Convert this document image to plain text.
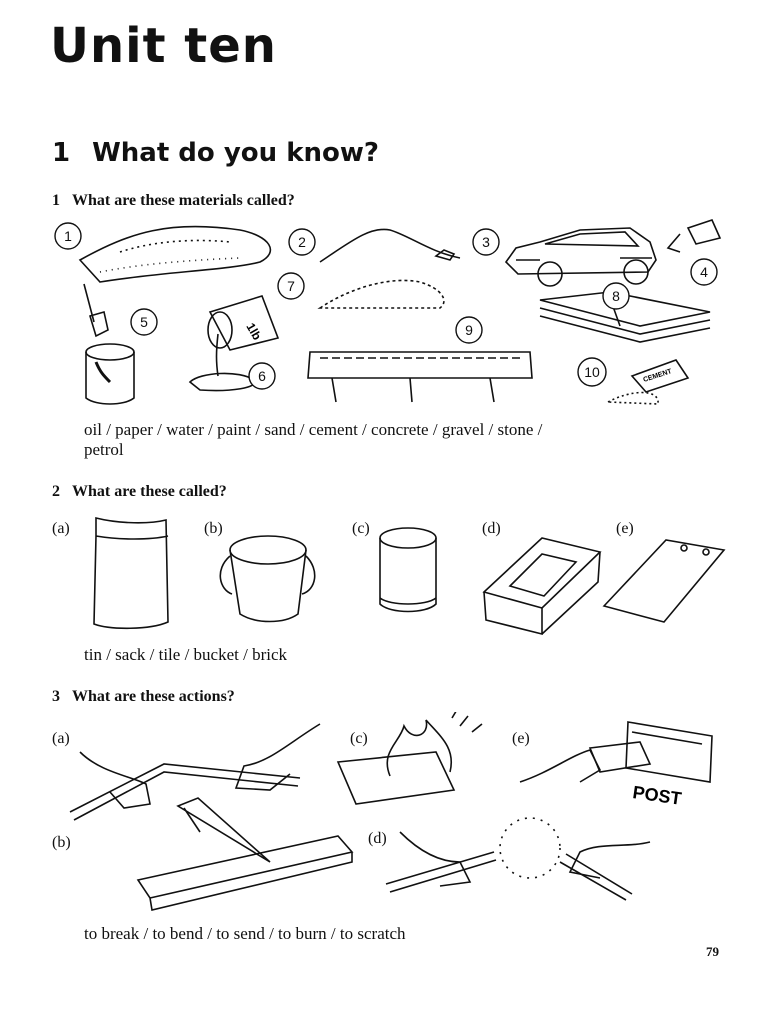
Unit ten
1 What do you know?

1 What are these materials called?

1lb
CEMENT
1	2	3
4
5
6
7
8
9
10

oil / paper / water / paint / sand / cement / concrete / gravel / stone /
petrol

2 What are these called?

(a)	(b)	(c)	(d)	(e)

tin / sack / tile / bucket / brick

3 What are these actions?

(a)
(b)
(c)
(d)
(e)
POST

to break / to bend / to send / to burn / to scratch

79
